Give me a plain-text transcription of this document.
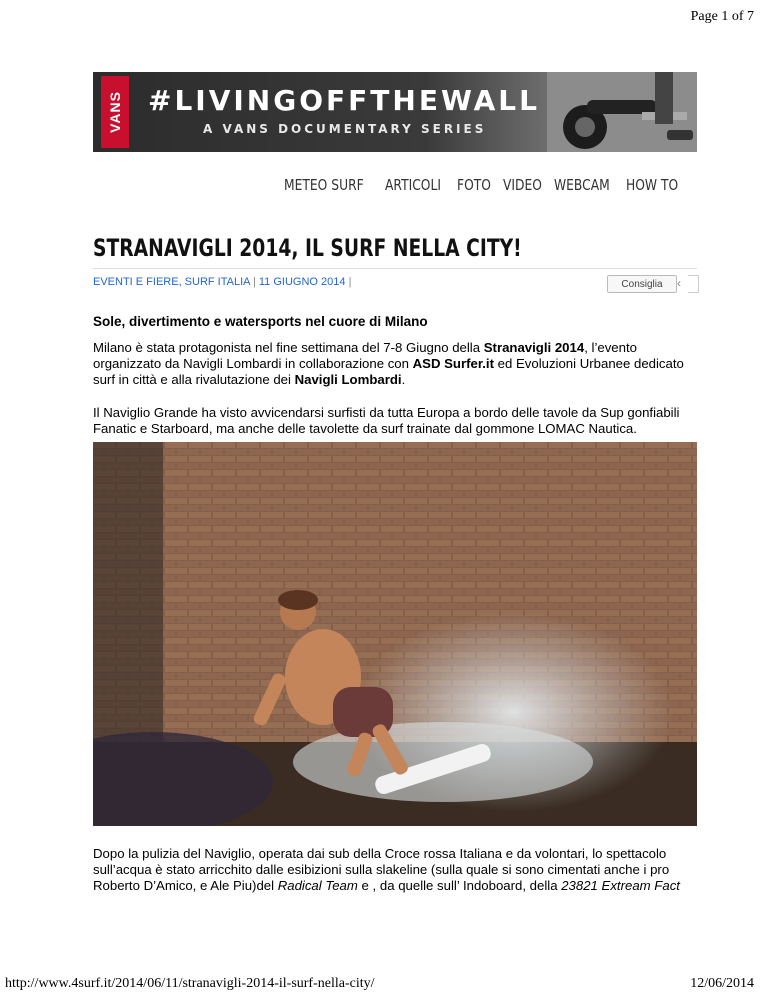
Page 1 of 7
VANS #LIVINGOFFTHEWALL
A VANS DOCUMENTARY SERIES
METEO SURF ARTICOLI FOTO VIDEO WEBCAM HOW TO
STRANAVIGLI 2014, IL SURF NELLA CITY!
EVENTI E FIERE, SURF ITALIA | 11 GIUGNO 2014 |	Consiglia ‹
Sole, divertimento e watersports nel cuore di Milano
Milano è stata protagonista nel fine settimana del 7-8 Giugno della Stranavigli 2014, l’evento
organizzato da Navigli Lombardi in collaborazione con ASD Surfer.it ed Evoluzioni Urbanee dedicato
surf in città e alla rivalutazione dei Navigli Lombardi.
Il Naviglio Grande ha visto avvicendarsi surfisti da tutta Europa a bordo delle tavole da Sup gonfiabili
Fanatic e Starboard, ma anche delle tavolette da surf trainate dal gommone LOMAC Nautica.
Dopo la pulizia del Naviglio, operata dai sub della Croce rossa Italiana e da volontari, lo spettacolo
sull’acqua è stato arricchito dalle esibizioni sulla slakeline (sulla quale si sono cimentati anche i pro
Roberto D’Amico, e Ale Piu)del Radical Team e , da quelle sull’ Indoboard, della 23821 Extream Fact
http://www.4surf.it/2014/06/11/stranavigli-2014-il-surf-nella-city/	12/06/2014
